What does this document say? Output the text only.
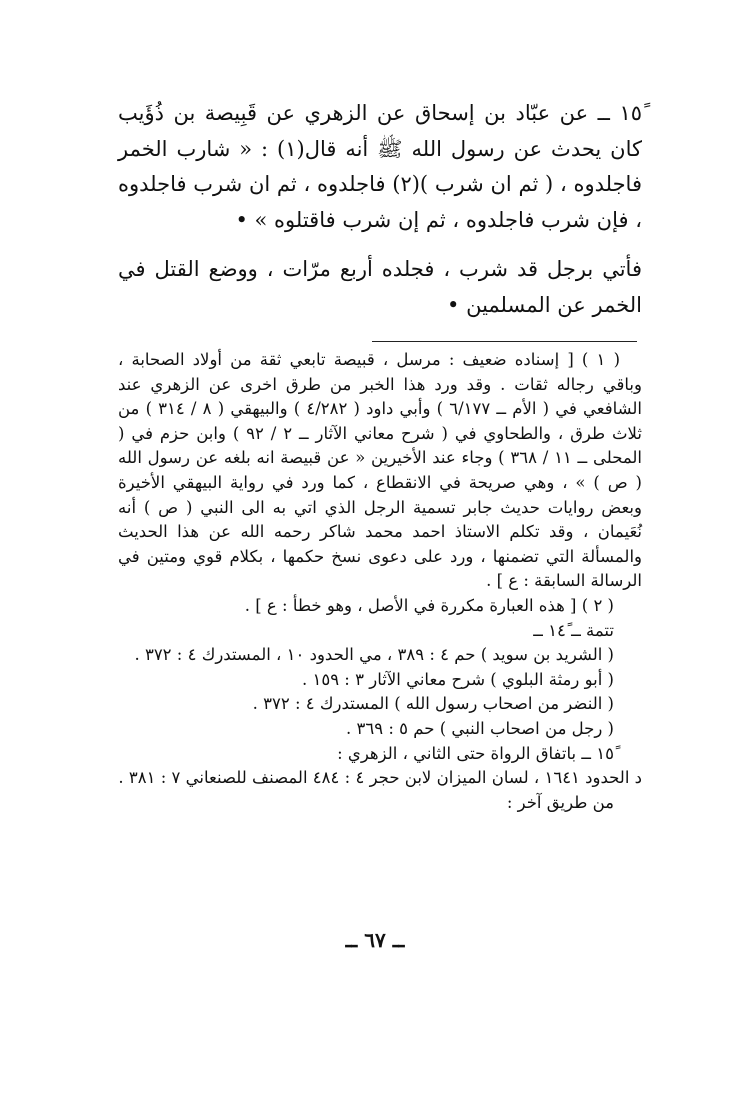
١٥ً ــ عن عبّاد بن إسحاق عن الزهري عن قَبِيصة بن ذُؤَيب كان يحدث عن رسول الله ﷺ أنه قال(١) : « شارب الخمر فاجلدوه ، ( ثم ان شرب )(٢) فاجلدوه ، ثم ان شرب فاجلدوه ، فإن شرب فاجلدوه ، ثم إن شرب فاقتلوه » •

فأتي برجل قد شرب ، فجلده أربع مرّات ، ووضع القتل في الخمر عن المسلمين •

( ١ ) [ إسناده ضعيف : مرسل ، قبيصة تابعي ثقة من أولاد الصحابة ، وباقي رجاله ثقات . وقد ورد هذا الخبر من طرق اخرى عن الزهري عند الشافعي في ( الأم ــ ٦/١٧٧ ) وأبي داود ( ٤/٢٨٢ ) والبيهقي ( ٨ / ٣١٤ ) من ثلاث طرق ، والطحاوي في ( شرح معاني الآثار ــ ٢ / ٩٢ ) وابن حزم في ( المحلى ــ ١١ / ٣٦٨ ) وجاء عند الأخيرين « عن قبيصة انه بلغه عن رسول الله ( ص ) » ، وهي صريحة في الانقطاع ، كما ورد في رواية البيهقي الأخيرة وبعض روايات حديث جابر تسمية الرجل الذي اتي به الى النبي ( ص ) أنه نُعَيمان ، وقد تكلم الاستاذ احمد محمد شاكر رحمه الله عن هذا الحديث والمسألة التي تضمنها ، ورد على دعوى نسخ حكمها ، بكلام قوي ومتين في الرسالة السابقة : ع ] .

( ٢ ) [ هذه العبارة مكررة في الأصل ، وهو خطأ : ع ] .

تتمة ــ ١٤ً ــ

( الشريد بن سويد ) حم ٤ : ٣٨٩ ، مي الحدود ١٠ ، المستدرك ٤ : ٣٧٢ .

( أبو رمثة البلوي ) شرح معاني الآثار ٣ : ١٥٩ .

( النضر من اصحاب رسول الله ) المستدرك ٤ : ٣٧٢ .

( رجل من اصحاب النبي ) حم ٥ : ٣٦٩ .

١٥ً ــ باتفاق الرواة حتى الثاني ، الزهري :

د الحدود ١٦٤١ ، لسان الميزان لابن حجر ٤ : ٤٨٤ المصنف للصنعاني ٧ : ٣٨١ .

من طريق آخر :

ــ ٦٧ ــ
